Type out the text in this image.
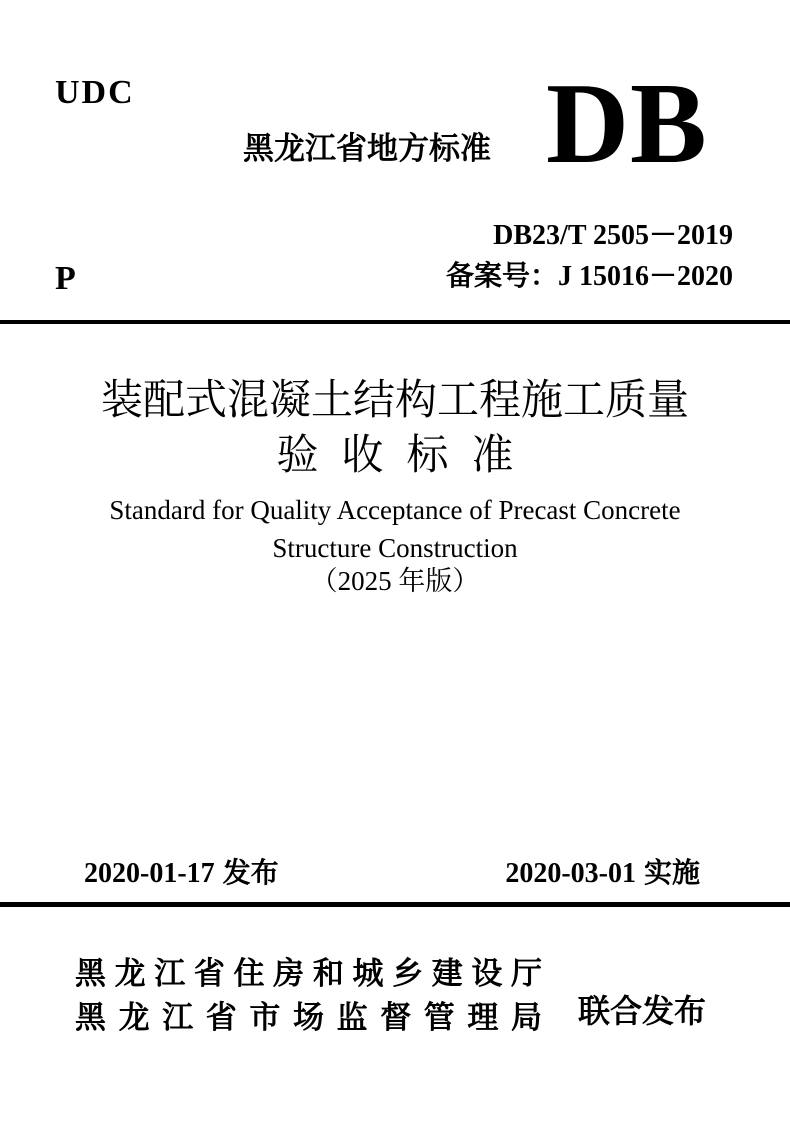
UDC
黑龙江省地方标准 DB
DB23/T 2505－2019
P	备案号：J 15016－2020
装配式混凝土结构工程施工质量
验收标准
Standard for Quality Acceptance of Precast Concrete
Structure Construction
（2025 年版）
2020-01-17 发布	2020-03-01 实施
黑龙江省住房和城乡建设厅
黑龙江省市场监督管理局 联合发布
